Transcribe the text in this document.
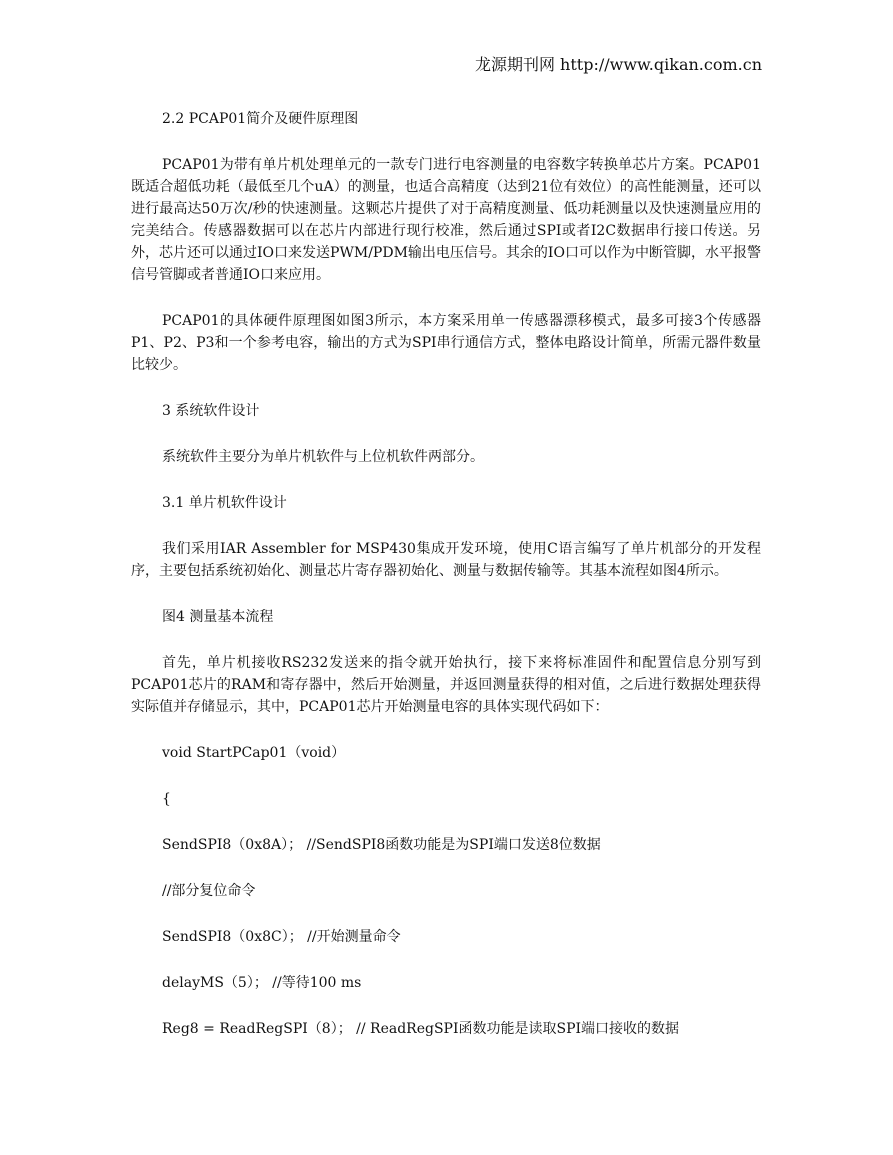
龙源期刊网 http://www.qikan.com.cn

2.2 PCAP01简介及硬件原理图

PCAP01为带有单片机处理单元的一款专门进行电容测量的电容数字转换单芯片方案。PCAP01既适合超低功耗（最低至几个uA）的测量，也适合高精度（达到21位有效位）的高性能测量，还可以进行最高达50万次/秒的快速测量。这颗芯片提供了对于高精度测量、低功耗测量以及快速测量应用的完美结合。传感器数据可以在芯片内部进行现行校准，然后通过SPI或者I2C数据串行接口传送。另外，芯片还可以通过IO口来发送PWM/PDM输出电压信号。其余的IO口可以作为中断管脚，水平报警信号管脚或者普通IO口来应用。

PCAP01的具体硬件原理图如图3所示，本方案采用单一传感器漂移模式，最多可接3个传感器P1、P2、P3和一个参考电容，输出的方式为SPI串行通信方式，整体电路设计简单，所需元器件数量比较少。

3 系统软件设计

系统软件主要分为单片机软件与上位机软件两部分。

3.1 单片机软件设计

我们采用IAR Assembler for MSP430集成开发环境，使用C语言编写了单片机部分的开发程序，主要包括系统初始化、测量芯片寄存器初始化、测量与数据传输等。其基本流程如图4所示。

图4 测量基本流程

首先，单片机接收RS232发送来的指令就开始执行，接下来将标准固件和配置信息分别写到PCAP01芯片的RAM和寄存器中，然后开始测量，并返回测量获得的相对值，之后进行数据处理获得实际值并存储显示，其中，PCAP01芯片开始测量电容的具体实现代码如下：

void StartPCap01（void）

{

SendSPI8（0x8A）； //SendSPI8函数功能是为SPI端口发送8位数据

//部分复位命令

SendSPI8（0x8C）； //开始测量命令

delayMS（5）； //等待100 ms

Reg8 = ReadRegSPI（8）； // ReadRegSPI函数功能是读取SPI端口接收的数据
